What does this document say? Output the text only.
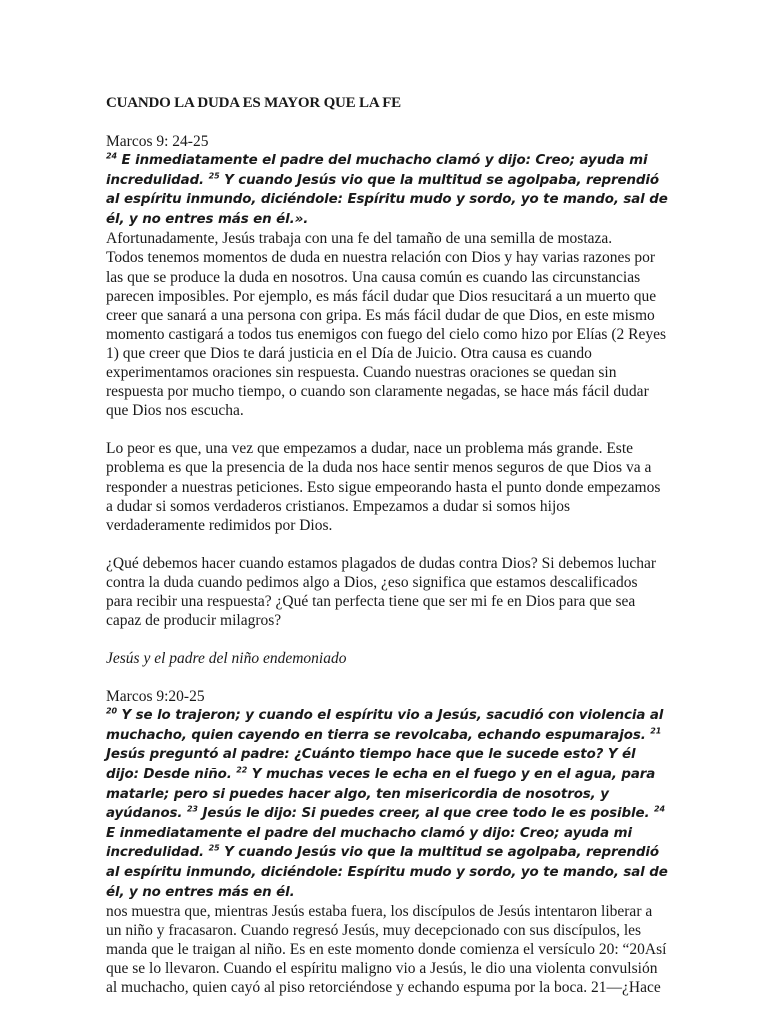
CUANDO LA DUDA ES MAYOR QUE LA FE

Marcos 9: 24-25

$^{24}$ E inmediatamente el padre del muchacho clamó y dijo: Creo; ayuda mi incredulidad. $^{25}$ Y cuando Jesús vio que la multitud se agolpaba, reprendió al espíritu inmundo, diciéndole: Espíritu mudo y sordo, yo te mando, sal de él, y no entres más en él.».

Afortunadamente, Jesús trabaja con una fe del tamaño de una semilla de mostaza.

Todos tenemos momentos de duda en nuestra relación con Dios y hay varias razones por las que se produce la duda en nosotros. Una causa común es cuando las circunstancias parecen imposibles. Por ejemplo, es más fácil dudar que Dios resucitará a un muerto que creer que sanará a una persona con gripa. Es más fácil dudar de que Dios, en este mismo momento castigará a todos tus enemigos con fuego del cielo como hizo por Elías (2 Reyes 1) que creer que Dios te dará justicia en el Día de Juicio. Otra causa es cuando experimentamos oraciones sin respuesta. Cuando nuestras oraciones se quedan sin respuesta por mucho tiempo, o cuando son claramente negadas, se hace más fácil dudar que Dios nos escucha.

Lo peor es que, una vez que empezamos a dudar, nace un problema más grande. Este problema es que la presencia de la duda nos hace sentir menos seguros de que Dios va a responder a nuestras peticiones. Esto sigue empeorando hasta el punto donde empezamos a dudar si somos verdaderos cristianos. Empezamos a dudar si somos hijos verdaderamente redimidos por Dios.

¿Qué debemos hacer cuando estamos plagados de dudas contra Dios? Si debemos luchar contra la duda cuando pedimos algo a Dios, ¿eso significa que estamos descalificados para recibir una respuesta? ¿Qué tan perfecta tiene que ser mi fe en Dios para que sea capaz de producir milagros?

Jesús y el padre del niño endemoniado

Marcos 9:20-25

$^{20}$ Y se lo trajeron; y cuando el espíritu vio a Jesús, sacudió con violencia al muchacho, quien cayendo en tierra se revolcaba, echando espumarajos. $^{21}$ Jesús preguntó al padre: ¿Cuánto tiempo hace que le sucede esto? Y él dijo: Desde niño. $^{22}$ Y muchas veces le echa en el fuego y en el agua, para matarle; pero si puedes hacer algo, ten misericordia de nosotros, y ayúdanos. $^{23}$ Jesús le dijo: Si puedes creer, al que cree todo le es posible. $^{24}$ E inmediatamente el padre del muchacho clamó y dijo: Creo; ayuda mi incredulidad. $^{25}$ Y cuando Jesús vio que la multitud se agolpaba, reprendió al espíritu inmundo, diciéndole: Espíritu mudo y sordo, yo te mando, sal de él, y no entres más en él.

nos muestra que, mientras Jesús estaba fuera, los discípulos de Jesús intentaron liberar a un niño y fracasaron. Cuando regresó Jesús, muy decepcionado con sus discípulos, les manda que le traigan al niño. Es en este momento donde comienza el versículo 20: “20Así que se lo llevaron. Cuando el espíritu maligno vio a Jesús, le dio una violenta convulsión al muchacho, quien cayó al piso retorciéndose y echando espuma por la boca. 21—¿Hace
